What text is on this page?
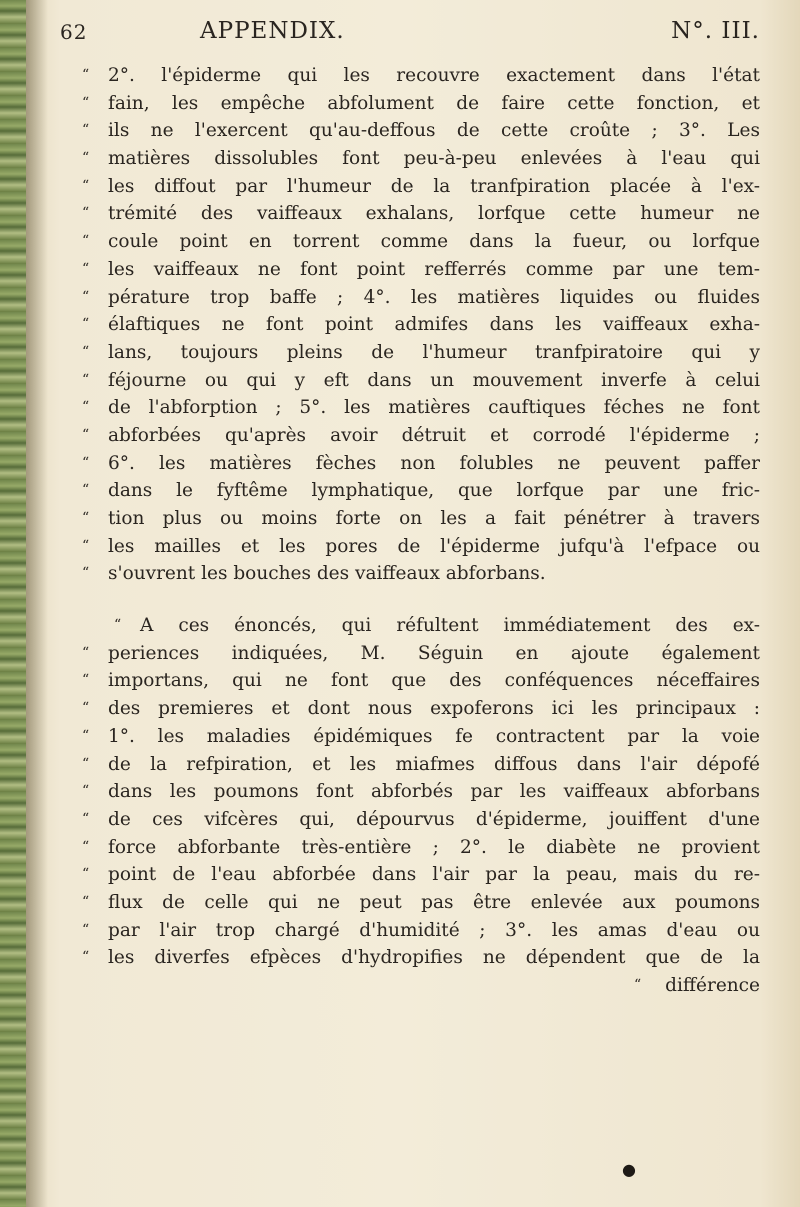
62	APPENDIX.	N°. III.
“	2°. l'épiderme qui les recouvre exactement dans l'état
“	fain, les empêche abfolument de faire cette fonction, et
“	ils ne l'exercent qu'au-deffous de cette croûte ; 3°. Les
“	matières dissolubles font peu-à-peu enlevées à l'eau qui
“	les diffout par l'humeur de la tranfpiration placée à l'ex-
“	trémité des vaiffeaux exhalans, lorfque cette humeur ne
“	coule point en torrent comme dans la fueur, ou lorfque
“	les vaiffeaux ne font point refferrés comme par une tem-
“	pérature trop baffe ; 4°. les matières liquides ou fluides
“	élaftiques ne font point admifes dans les vaiffeaux exha-
“	lans, toujours pleins de l'humeur tranfpiratoire qui y
“	féjourne ou qui y eft dans un mouvement inverfe à celui
“	de l'abforption ; 5°. les matières cauftiques féches ne font
“	abforbées qu'après avoir détruit et corrodé l'épiderme ;
“	6°. les matières fèches non folubles ne peuvent paffer
“	dans le fyftême lymphatique, que lorfque par une fric-
“	tion plus ou moins forte on les a fait pénétrer à travers
“	les mailles et les pores de l'épiderme jufqu'à l'efpace ou
“	s'ouvrent les bouches des vaiffeaux abforbans.
“	A ces énoncés, qui réfultent immédiatement des ex-
“	periences indiquées, M. Séguin en ajoute également
“	importans, qui ne font que des conféquences néceffaires
“	des premieres et dont nous expoferons ici les principaux :
“	1°. les maladies épidémiques fe contractent par la voie
“	de la refpiration, et les miafmes diffous dans l'air dépofé
“	dans les poumons font abforbés par les vaiffeaux abforbans
“	de ces vifcères qui, dépourvus d'épiderme, jouiffent d'une
“	force abforbante très-entière ; 2°. le diabète ne provient
“	point de l'eau abforbée dans l'air par la peau, mais du re-
“	flux de celle qui ne peut pas être enlevée aux poumons
“	par l'air trop chargé d'humidité ; 3°. les amas d'eau ou
“	les diverfes efpèces d'hydropifies ne dépendent que de la
“	différence
●
